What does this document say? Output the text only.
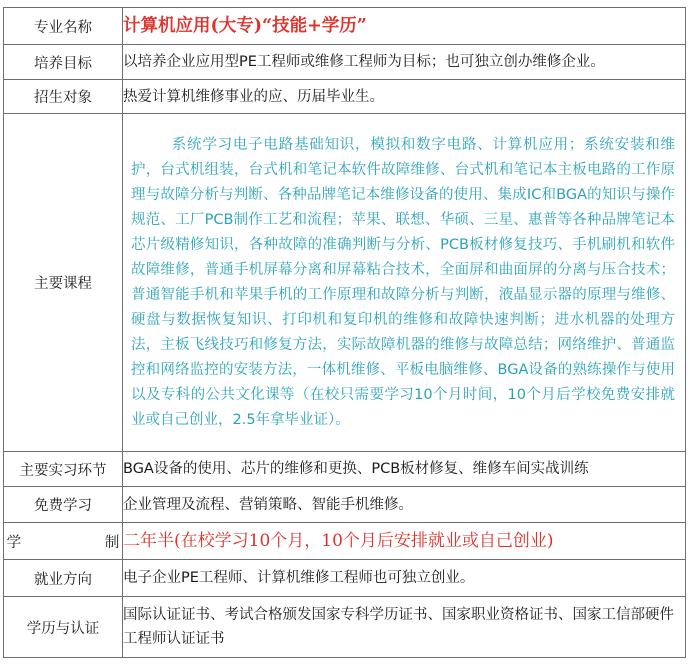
专业名称	计算机应用(大专)“技能+学历”
培养目标	以培养企业应用型PE工程师或维修工程师为目标；也可独立创办维修企业。
招生对象	热爱计算机维修事业的应、历届毕业生。
主要课程	系统学习电子电路基础知识，模拟和数字电路、计算机应用；系统安装和维护，台式机组装，台式机和笔记本软件故障维修、台式机和笔记本主板电路的工作原理与故障分析与判断、各种品牌笔记本维修设备的使用、集成IC和BGA的知识与操作规范、工厂PCB制作工艺和流程；苹果、联想、华硕、三星、惠普等各种品牌笔记本芯片级精修知识，各种故障的准确判断与分析、PCB板材修复技巧、手机刷机和软件故障维修，普通手机屏幕分离和屏幕粘合技术，全面屏和曲面屏的分离与压合技术；普通智能手机和苹果手机的工作原理和故障分析与判断，液晶显示器的原理与维修、硬盘与数据恢复知识、打印机和复印机的维修和故障快速判断；进水机器的处理方法，主板飞线技巧和修复方法，实际故障机器的维修与故障总结；网络维护、普通监控和网络监控的安装方法，一体机维修、平板电脑维修、BGA设备的熟练操作与使用以及专科的公共文化课等（在校只需要学习10个月时间，10个月后学校免费安排就业或自己创业，2.5年拿毕业证）。
主要实习环节	BGA设备的使用、芯片的维修和更换、PCB板材修复、维修车间实战训练
免费学习	企业管理及流程、营销策略、智能手机维修。
学    制	二年半(在校学习10个月，10个月后安排就业或自己创业)
就业方向	电子企业PE工程师、计算机维修工程师也可独立创业。
学历与认证	国际认证证书、考试合格颁发国家专科学历证书、国家职业资格证书、国家工信部硬件工程师认证证书
